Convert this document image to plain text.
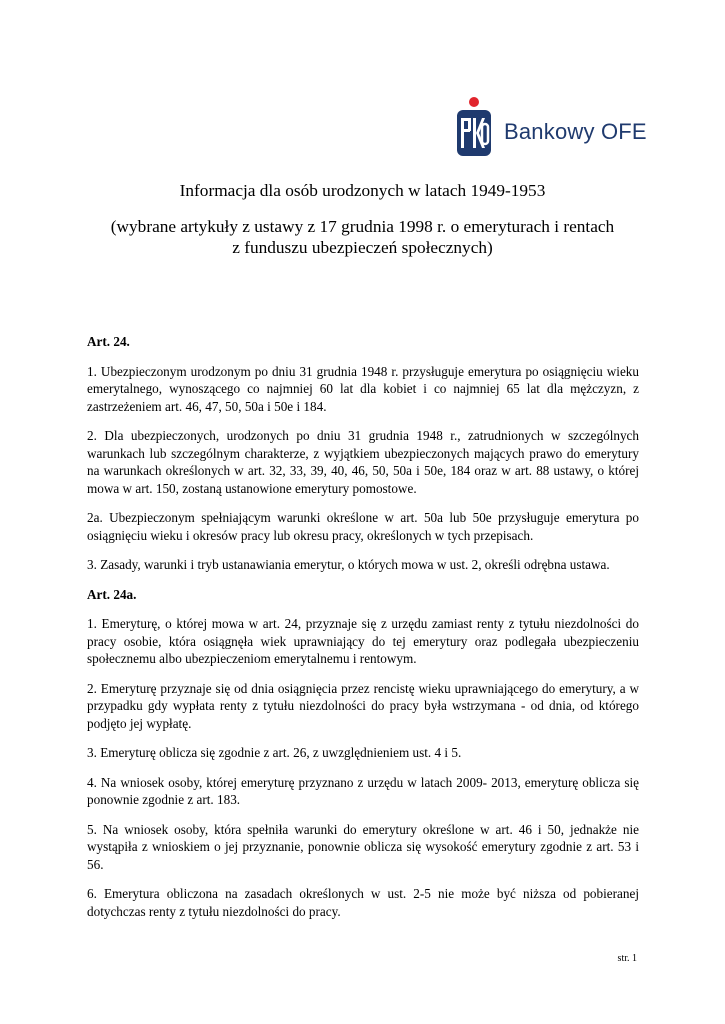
Bankowy OFE

Informacja dla osób urodzonych w latach 1949-1953

(wybrane artykuły z ustawy z 17 grudnia 1998 r. o emeryturach i rentach

z funduszu ubezpieczeń społecznych)

Art. 24.

1. Ubezpieczonym urodzonym po dniu 31 grudnia 1948 r. przysługuje emerytura po osiągnięciu wieku emerytalnego, wynoszącego co najmniej 60 lat dla kobiet i co najmniej 65 lat dla mężczyzn, z zastrzeżeniem art. 46, 47, 50, 50a i 50e i 184.

2. Dla ubezpieczonych, urodzonych po dniu 31 grudnia 1948 r., zatrudnionych w szczególnych warunkach lub szczególnym charakterze, z wyjątkiem ubezpieczonych mających prawo do emerytury na warunkach określonych w art. 32, 33, 39, 40, 46, 50, 50a i 50e, 184 oraz w art. 88 ustawy, o której mowa w art. 150, zostaną ustanowione emerytury pomostowe.

2a. Ubezpieczonym spełniającym warunki określone w art. 50a lub 50e przysługuje emerytura po osiągnięciu wieku i okresów pracy lub okresu pracy, określonych w tych przepisach.

3. Zasady, warunki i tryb ustanawiania emerytur, o których mowa w ust. 2, określi odrębna ustawa.

Art. 24a.

1. Emeryturę, o której mowa w art. 24, przyznaje się z urzędu zamiast renty z tytułu niezdolności do pracy osobie, która osiągnęła wiek uprawniający do tej emerytury oraz podlegała ubezpieczeniu społecznemu albo ubezpieczeniom emerytalnemu i rentowym.

2. Emeryturę przyznaje się od dnia osiągnięcia przez rencistę wieku uprawniającego do emerytury, a w przypadku gdy wypłata renty z tytułu niezdolności do pracy była wstrzymana - od dnia, od którego podjęto jej wypłatę.

3. Emeryturę oblicza się zgodnie z art. 26, z uwzględnieniem ust. 4 i 5.

4. Na wniosek osoby, której emeryturę przyznano z urzędu w latach 2009- 2013, emeryturę oblicza się ponownie zgodnie z art. 183.

5. Na wniosek osoby, która spełniła warunki do emerytury określone w art. 46 i 50, jednakże nie wystąpiła z wnioskiem o jej przyznanie, ponownie oblicza się wysokość emerytury zgodnie z art. 53 i 56.

6. Emerytura obliczona na zasadach określonych w ust. 2-5 nie może być niższa od pobieranej dotychczas renty z tytułu niezdolności do pracy.

str. 1
